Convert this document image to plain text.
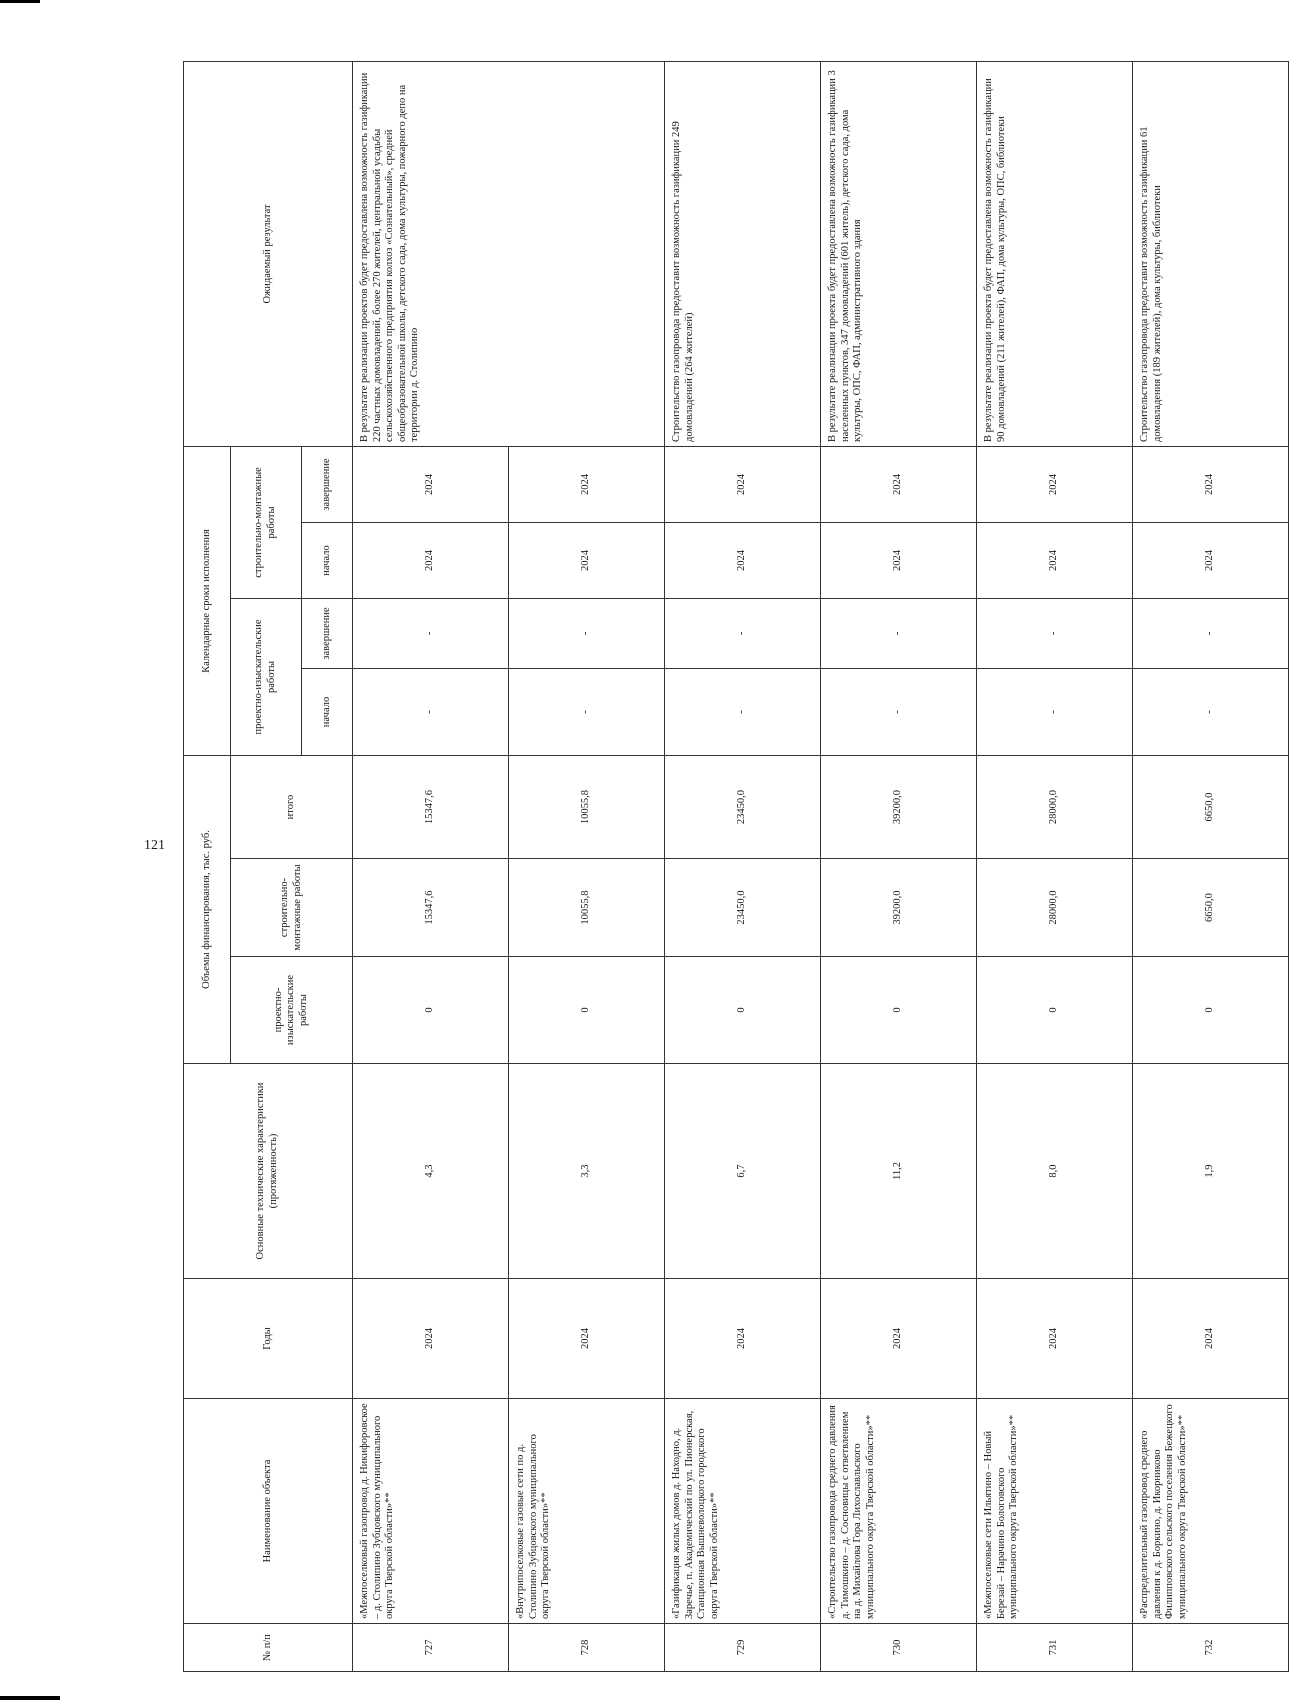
121
№ п/п	Наименование объекта	Годы	Основные технические характеристики (протяженность)	Объемы финансирования, тыс. руб.			Календарные сроки исполнения				Ожидаемый результат
				проектно-изыскательские работы	строительно-монтажные работы	итого	проектно-изыскательские работы		строительно-монтажные работы		
							начало	завершение	начало	завершение	
727	«Межпоселковый газопровод д. Никифоровское – д. Столипино Зубцовского муниципального округа Тверской области»**	2024	4,3	0	15347,6	15347,6	-	-	2024	2024	В результате реализации проектов будет предоставлена возможность газификации 220 частных домовладений, более 270 жителей, центральной усадьбы сельскохозяйственного предприятия колхоз «Сознательный», средней общеобразовательной школы, детского сада, дома культуры, пожарного депо на территории д. Столипино
728	«Внутрипоселковые газовые сети по д. Столипино Зубцовского муниципального округа Тверской области»**	2024	3,3	0	10055,8	10055,8	-	-	2024	2024	
729	«Газификация жилых домов д. Находно, д. Заречье, п. Академический по ул. Пионерская, Станционная Вышневолоцкого городского округа Тверской области»**	2024	6,7	0	23450,0	23450,0	-	-	2024	2024	Строительство газопровода предоставит возможность газификации 249 домовладений (264 жителей)
730	«Строительство газопровода среднего давления д. Тимошкино – д. Сосновицы с ответвлением на д. Михайлова Гора Лихославльского муниципального округа Тверской области»**	2024	11,2	0	39200,0	39200,0	-	-	2024	2024	В результате реализации проекта будет предоставлена возможность газификации 3 населенных пунктов, 347 домовладений (601 житель), детского сада, дома культуры, ОПС, ФАП, административного здания
731	«Межпоселковые сети Ильятино – Новый Березай – Нарачино Бологовского муниципального округа Тверской области»**	2024	8,0	0	28000,0	28000,0	-	-	2024	2024	В результате реализации проекта будет предоставлена возможность газификации 90 домовладений (211 жителей), ФАП, дома культуры, ОПС, библиотеки
732	«Распределительный газопровод среднего давления к д. Боркино, д. Икорниково Филипповского сельского поселения Бежецкого муниципального округа Тверской области»**	2024	1,9	0	6650,0	6650,0	-	-	2024	2024	Строительство газопровода предоставит возможность газификации 61 домовладения (189 жителей), дома культуры, библиотеки
